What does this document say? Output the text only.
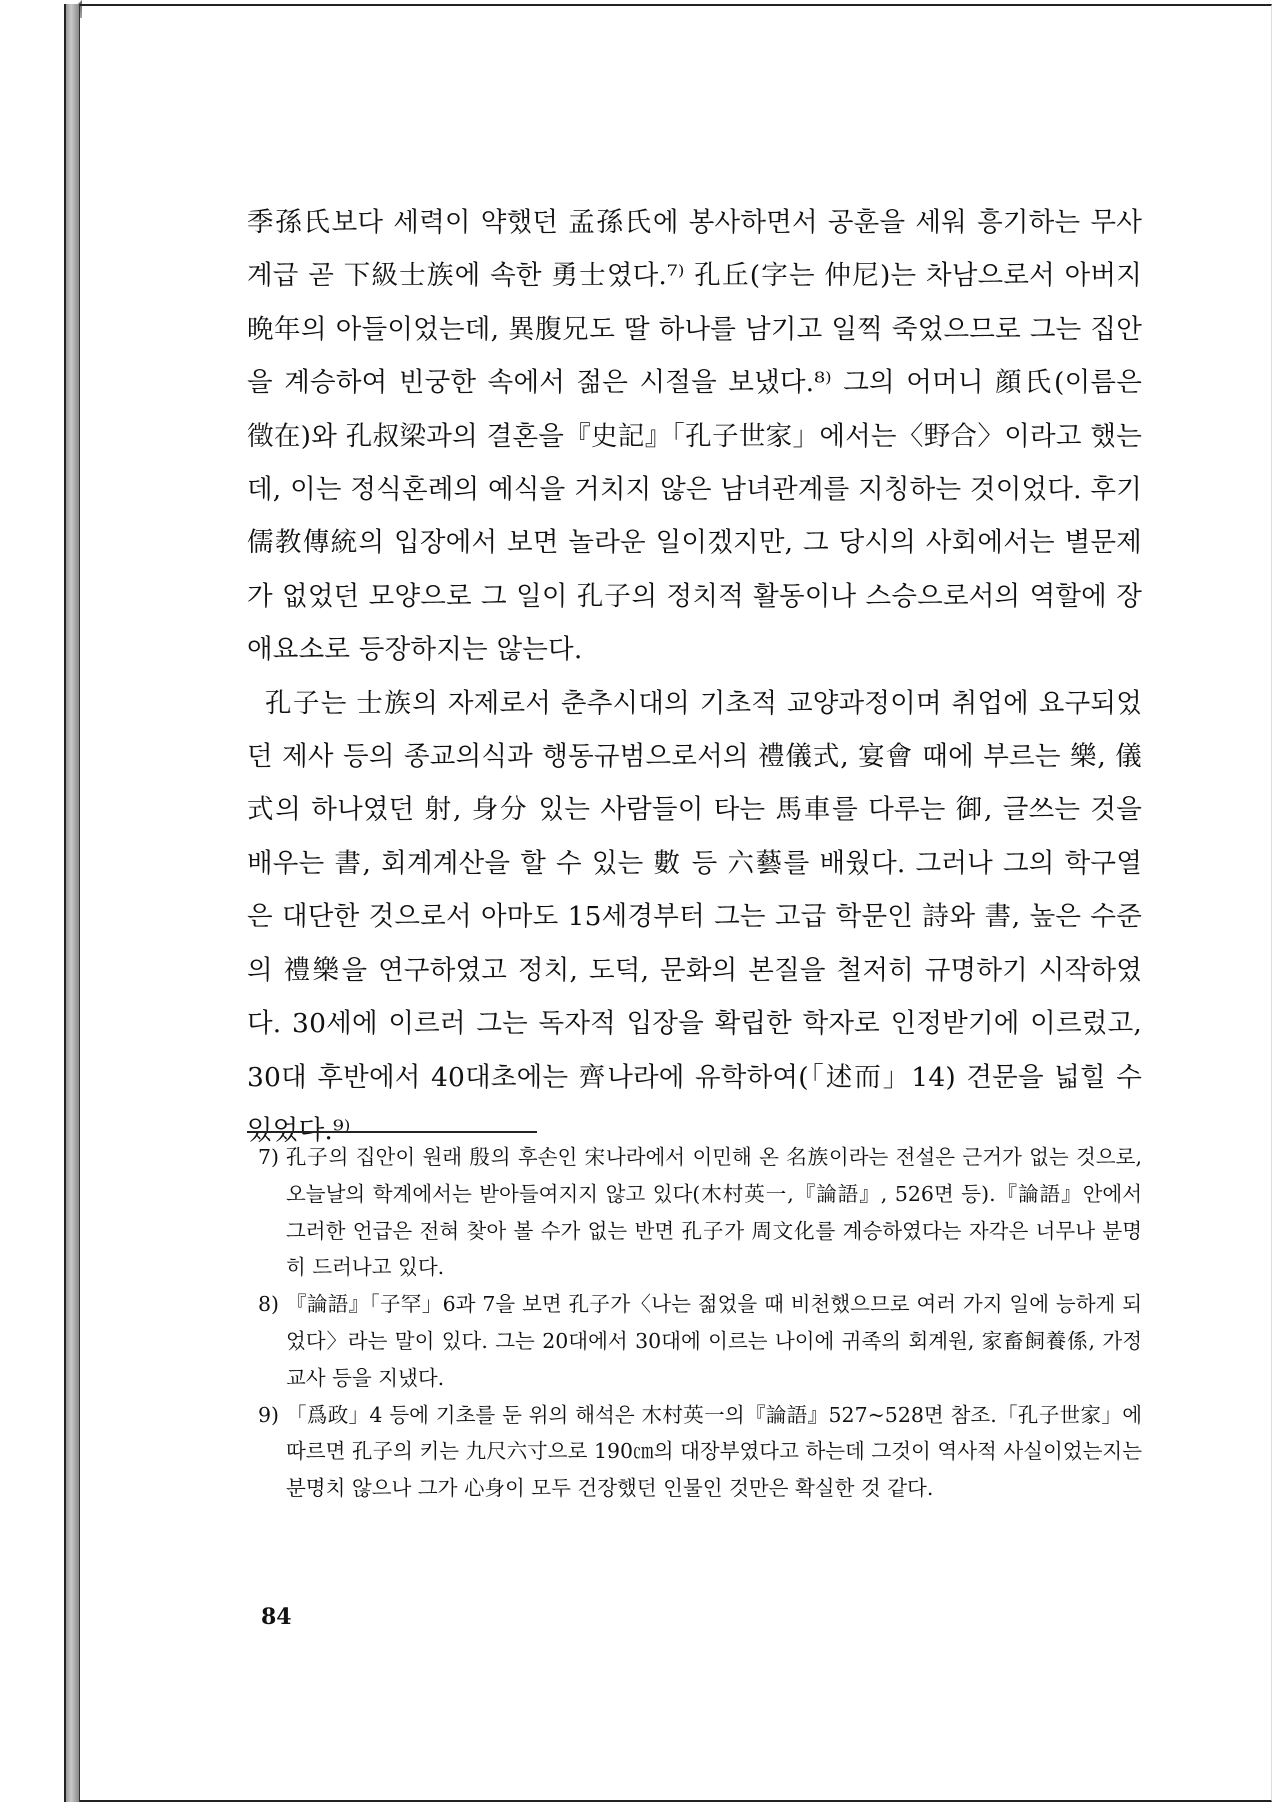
季孫氏보다 세력이 약했던 孟孫氏에 봉사하면서 공훈을 세워 흥기하는 무사 계급 곧 下級士族에 속한 勇士였다.⁷⁾ 孔丘(字는 仲尼)는 차남으로서 아버지 晩年의 아들이었는데, 異腹兄도 딸 하나를 남기고 일찍 죽었으므로 그는 집안을 계승하여 빈궁한 속에서 젊은 시절을 보냈다.⁸⁾ 그의 어머니 顔氏(이름은 徵在)와 孔叔梁과의 결혼을『史記』「孔子世家」에서는〈野合〉이라고 했는데, 이는 정식혼례의 예식을 거치지 않은 남녀관계를 지칭하는 것이었다. 후기 儒教傳統의 입장에서 보면 놀라운 일이겠지만, 그 당시의 사회에서는 별문제가 없었던 모양으로 그 일이 孔子의 정치적 활동이나 스승으로서의 역할에 장애요소로 등장하지는 않는다.

孔子는 士族의 자제로서 춘추시대의 기초적 교양과정이며 취업에 요구되었던 제사 등의 종교의식과 행동규범으로서의 禮儀式, 宴會 때에 부르는 樂, 儀式의 하나였던 射, 身分 있는 사람들이 타는 馬車를 다루는 御, 글쓰는 것을 배우는 書, 회계계산을 할 수 있는 數 등 六藝를 배웠다. 그러나 그의 학구열은 대단한 것으로서 아마도 15세경부터 그는 고급 학문인 詩와 書, 높은 수준의 禮樂을 연구하였고 정치, 도덕, 문화의 본질을 철저히 규명하기 시작하였다. 30세에 이르러 그는 독자적 입장을 확립한 학자로 인정받기에 이르렀고, 30대 후반에서 40대초에는 齊나라에 유학하여(「述而」14) 견문을 넓힐 수 있었다.⁹⁾

7) 孔子의 집안이 원래 殷의 후손인 宋나라에서 이민해 온 名族이라는 전설은 근거가 없는 것으로, 오늘날의 학계에서는 받아들여지지 않고 있다(木村英一,『論語』, 526면 등).『論語』안에서 그러한 언급은 전혀 찾아 볼 수가 없는 반면 孔子가 周文化를 계승하였다는 자각은 너무나 분명히 드러나고 있다.
8) 『論語』「子罕」6과 7을 보면 孔子가〈나는 젊었을 때 비천했으므로 여러 가지 일에 능하게 되었다〉라는 말이 있다. 그는 20대에서 30대에 이르는 나이에 귀족의 회계원, 家畜飼養係, 가정교사 등을 지냈다.
9) 「爲政」4 등에 기초를 둔 위의 해석은 木村英一의『論語』527~528면 참조.「孔子世家」에 따르면 孔子의 키는 九尺六寸으로 190㎝의 대장부였다고 하는데 그것이 역사적 사실이었는지는 분명치 않으나 그가 心身이 모두 건장했던 인물인 것만은 확실한 것 같다.
84
